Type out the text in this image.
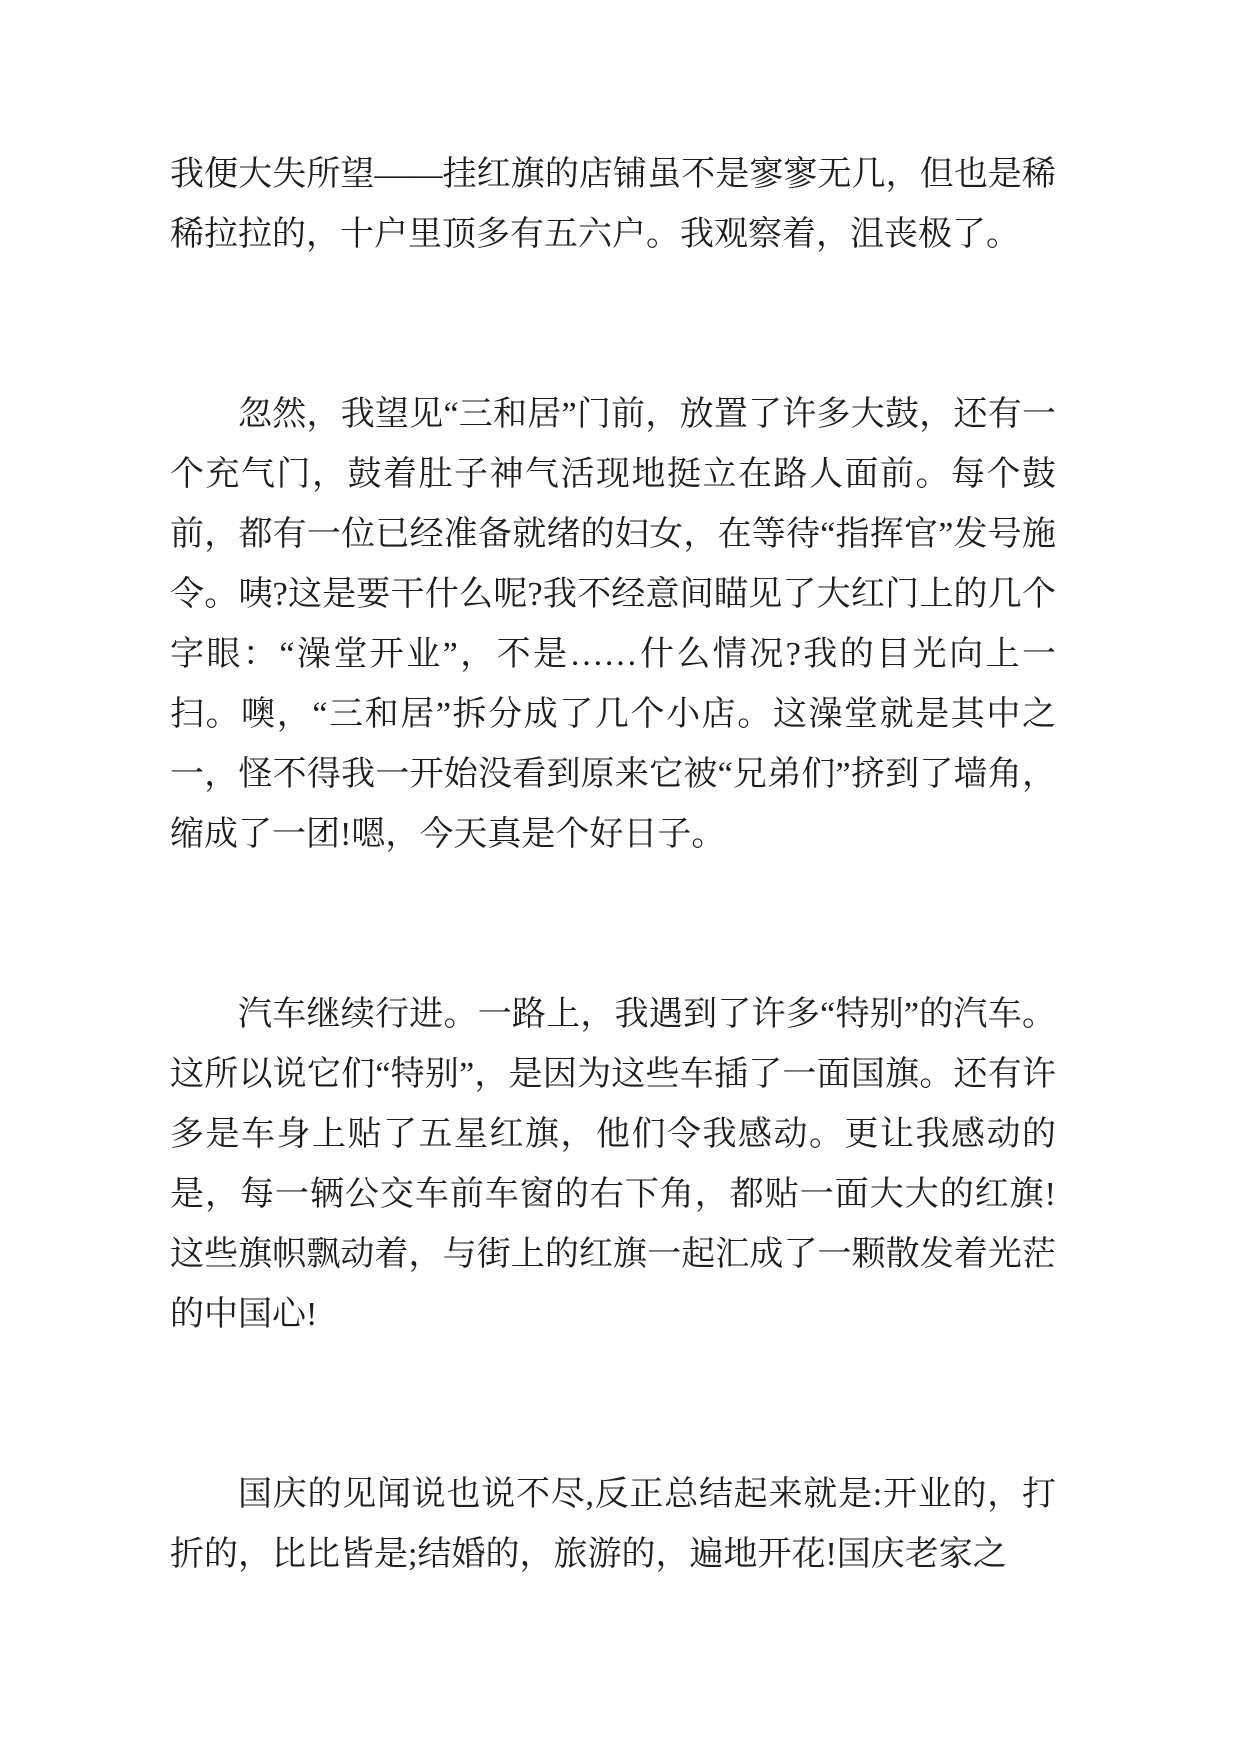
我便大失所望——挂红旗的店铺虽不是寥寥无几，但也是稀稀拉拉的，十户里顶多有五六户。我观察着，沮丧极了。

忽然，我望见“三和居”门前，放置了许多大鼓，还有一个充气门，鼓着肚子神气活现地挺立在路人面前。每个鼓前，都有一位已经准备就绪的妇女，在等待“指挥官”发号施令。咦?这是要干什么呢?我不经意间瞄见了大红门上的几个字眼：“澡堂开业”，不是……什么情况?我的目光向上一扫。噢，“三和居”拆分成了几个小店。这澡堂就是其中之一，怪不得我一开始没看到原来它被“兄弟们”挤到了墙角，缩成了一团!嗯，今天真是个好日子。

汽车继续行进。一路上，我遇到了许多“特别”的汽车。这所以说它们“特别”，是因为这些车插了一面国旗。还有许多是车身上贴了五星红旗，他们令我感动。更让我感动的是，每一辆公交车前车窗的右下角，都贴一面大大的红旗!这些旗帜飘动着，与街上的红旗一起汇成了一颗散发着光茫的中国心!

国庆的见闻说也说不尽,反正总结起来就是:开业的，打折的，比比皆是;结婚的，旅游的，遍地开花!国庆老家之
